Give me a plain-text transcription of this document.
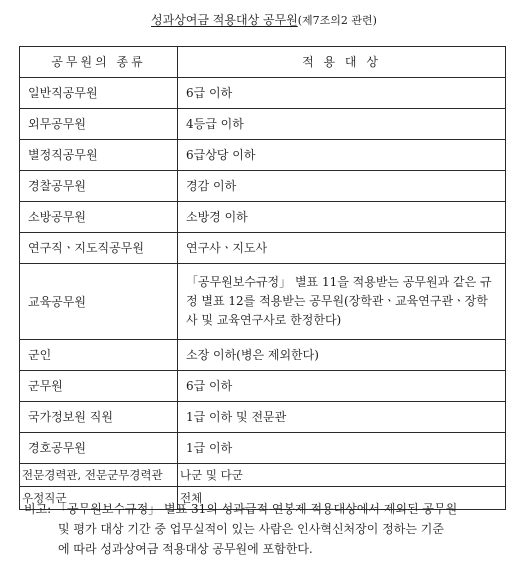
성과상여금 적용대상 공무원(제7조의2 관련)
공무원의 종류	적 용 대 상
일반직공무원	6급 이하
외무공무원	4등급 이하
별정직공무원	6급상당 이하
경찰공무원	경감 이하
소방공무원	소방경 이하
연구직ㆍ지도직공무원	연구사ㆍ지도사
교육공무원	「공무원보수규정」 별표 11을 적용받는 공무원과 같은 규정 별표 12를 적용받는 공무원(장학관ㆍ교육연구관ㆍ장학사 및 교육연구사로 한정한다)
군인	소장 이하(병은 제외한다)
군무원	6급 이하
국가정보원 직원	1급 이하 및 전문관
경호공무원	1급 이하
전문경력관, 전문군무경력관	나군 및 다군
우정직군	전체
비고: 「공무원보수규정」 별표 31의 성과급적 연봉제 적용대상에서 제외된 공무원
및 평가 대상 기간 중 업무실적이 있는 사람은 인사혁신처장이 정하는 기준
에 따라 성과상여금 적용대상 공무원에 포함한다.
